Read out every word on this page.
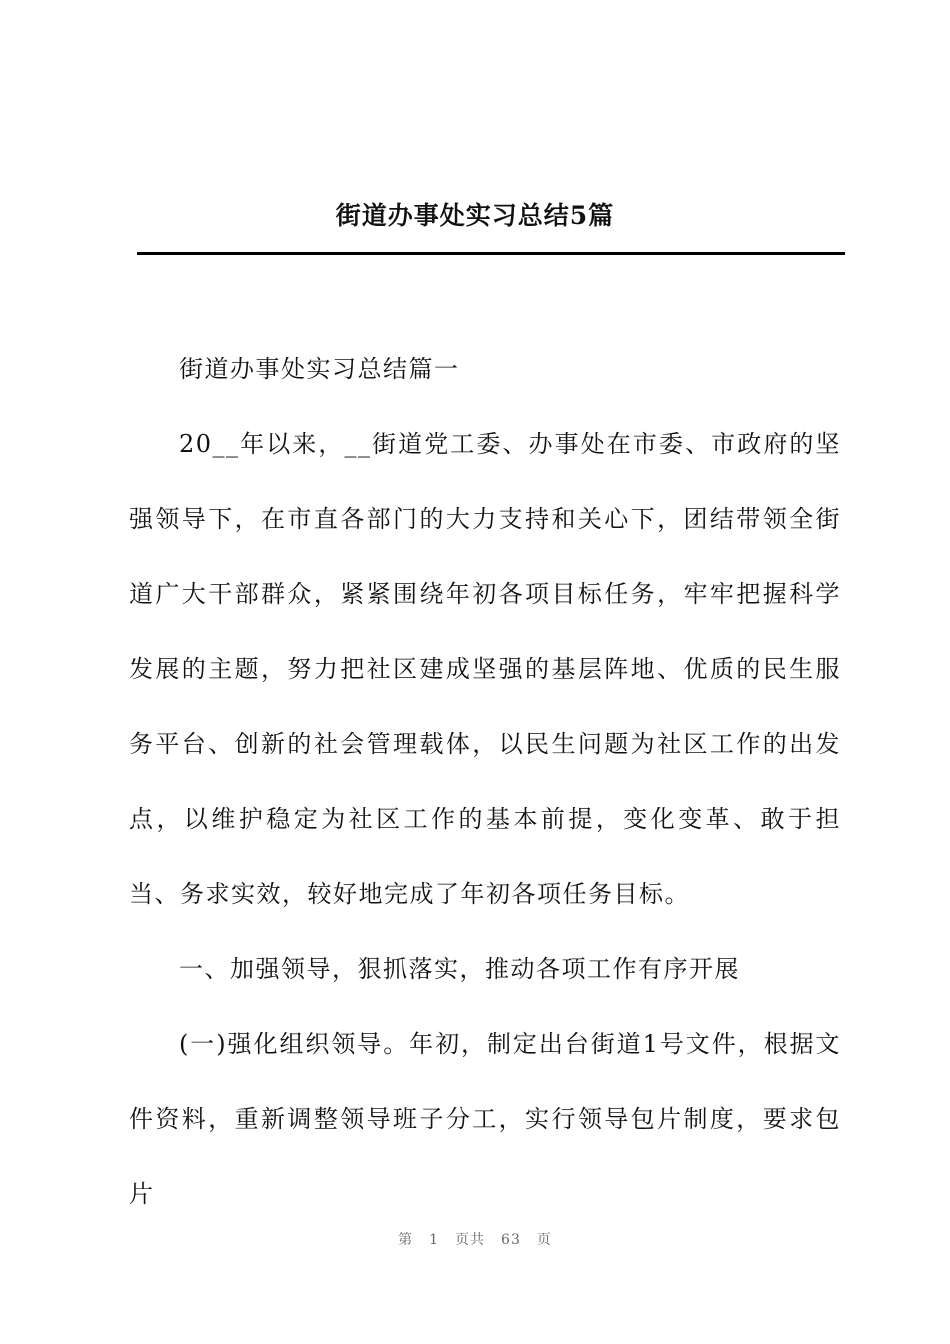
街道办事处实习总结5篇

街道办事处实习总结篇一

20__年以来，__街道党工委、办事处在市委、市政府的坚强领导下，在市直各部门的大力支持和关心下，团结带领全街道广大干部群众，紧紧围绕年初各项目标任务，牢牢把握科学发展的主题，努力把社区建成坚强的基层阵地、优质的民生服务平台、创新的社会管理载体，以民生问题为社区工作的出发点，以维护稳定为社区工作的基本前提，变化变革、敢于担当、务求实效，较好地完成了年初各项任务目标。

一、加强领导，狠抓落实，推动各项工作有序开展

(一)强化组织领导。年初，制定出台街道1号文件，根据文件资料，重新调整领导班子分工，实行领导包片制度，要求包片

第 1 页共 63 页
